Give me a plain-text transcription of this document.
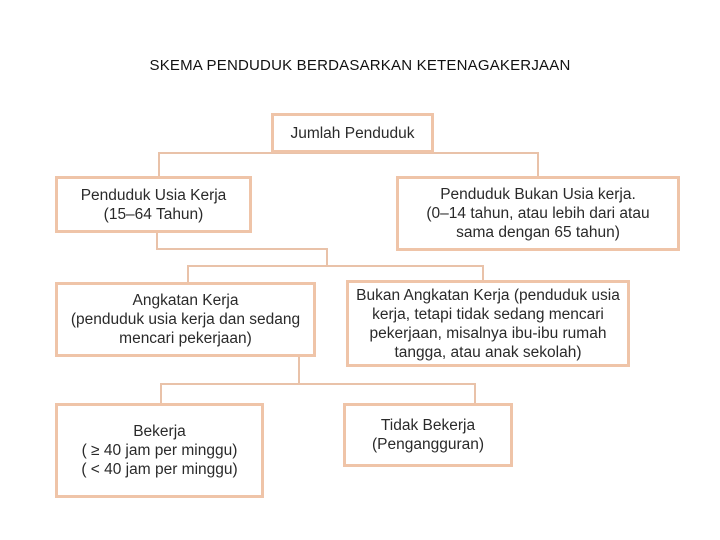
SKEMA PENDUDUK BERDASARKAN KETENAGAKERJAAN
Jumlah Penduduk
Penduduk Usia Kerja
(15–64 Tahun)
Penduduk Bukan Usia kerja.
(0–14 tahun, atau lebih dari atau
sama dengan 65 tahun)
Angkatan Kerja
(penduduk usia kerja dan sedang
mencari pekerjaan)
Bukan Angkatan Kerja (penduduk usia
kerja, tetapi tidak sedang mencari
pekerjaan, misalnya ibu-ibu rumah
tangga, atau anak sekolah)
Bekerja
( ≥ 40 jam per minggu)
( < 40 jam per minggu)
Tidak Bekerja
(Pengangguran)
